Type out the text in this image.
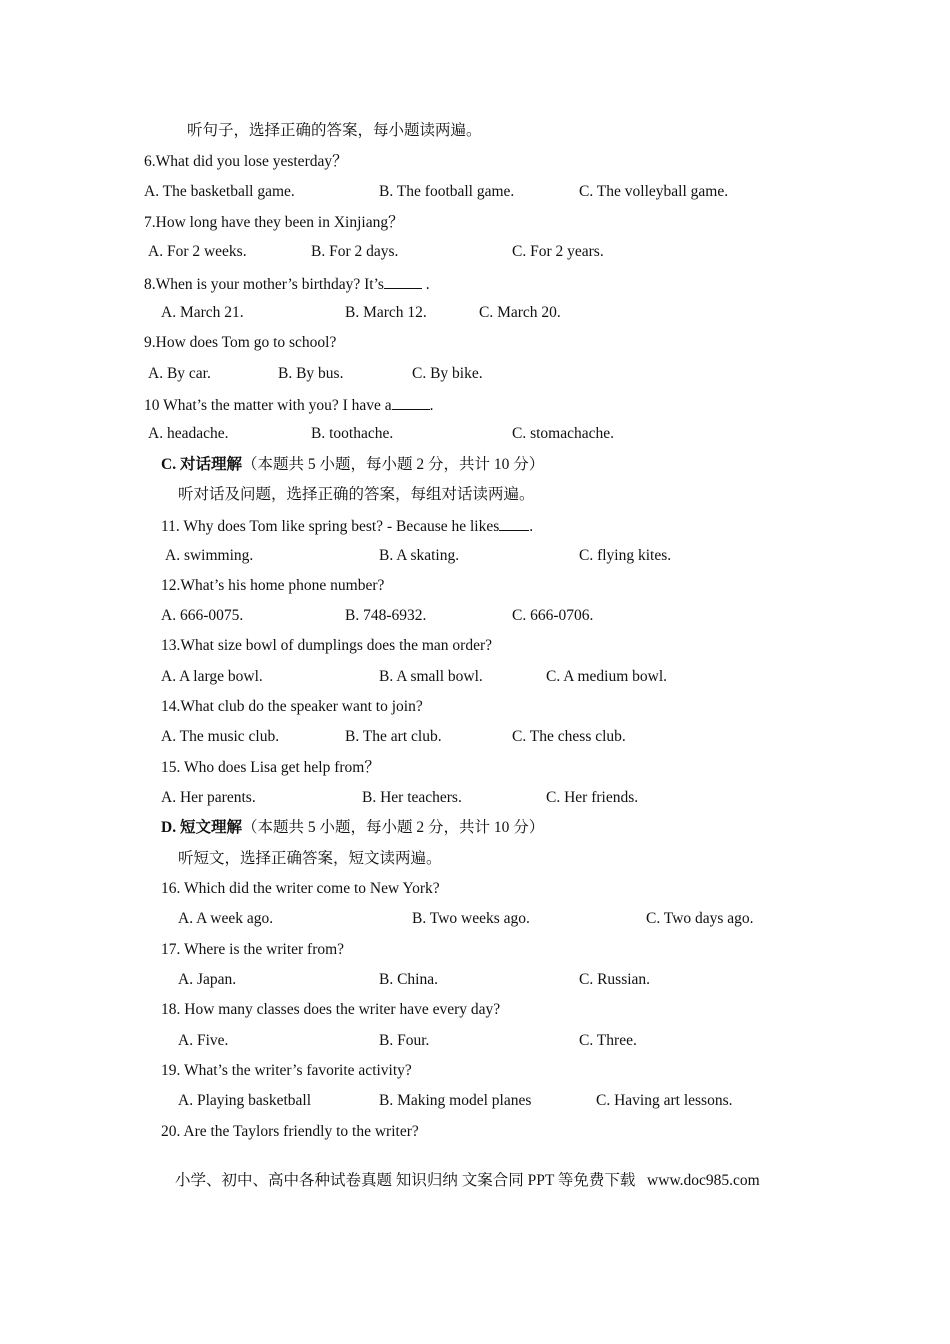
听句子，选择正确的答案，每小题读两遍。
6.What did you lose yesterday？
A. The basketball game.	B. The football game.	C. The volleyball game.
7.How long have they been in Xinjiang？
A. For 2 weeks.	B. For 2 days.	C. For 2 years.
8.When is your mother’s birthday? It’s .
A. March 21.	B. March 12.	C. March 20.
9.How does Tom go to school?
A. By car.	B. By bus.	C. By bike.
10 What’s the matter with you? I have a .
A. headache.	B. toothache.	C. stomachache.
C. 对话理解（本题共 5 小题，每小题 2 分，共计 10 分）
听对话及问题，选择正确的答案，每组对话读两遍。
11. Why does Tom like spring best? - Because he likes .
A. swimming.	B. A skating.	C. flying kites.
12.What’s his home phone number?
A. 666-0075.	B. 748-6932.	C. 666-0706.
13.What size bowl of dumplings does the man order?
A. A large bowl.	B. A small bowl.	C. A medium bowl.
14.What club do the speaker want to join?
A. The music club.	B. The art club.	C. The chess club.
15. Who does Lisa get help from？
A. Her parents.	B. Her teachers.	C. Her friends.
D. 短文理解（本题共 5 小题，每小题 2 分，共计 10 分）
听短文，选择正确答案，短文读两遍。
16. Which did the writer come to New York?
A. A week ago.	B. Two weeks ago.	C. Two days ago.
17. Where is the writer from?
A. Japan.	B. China.	C. Russian.
18. How many classes does the writer have every day?
A. Five.	B. Four.	C. Three.
19. What’s the writer’s favorite activity?
A. Playing basketball	B. Making model planes	C. Having art lessons.
20. Are the Taylors friendly to the writer?
小学、初中、高中各种试卷真题 知识归纳 文案合同 PPT 等免费下载   www.doc985.com
